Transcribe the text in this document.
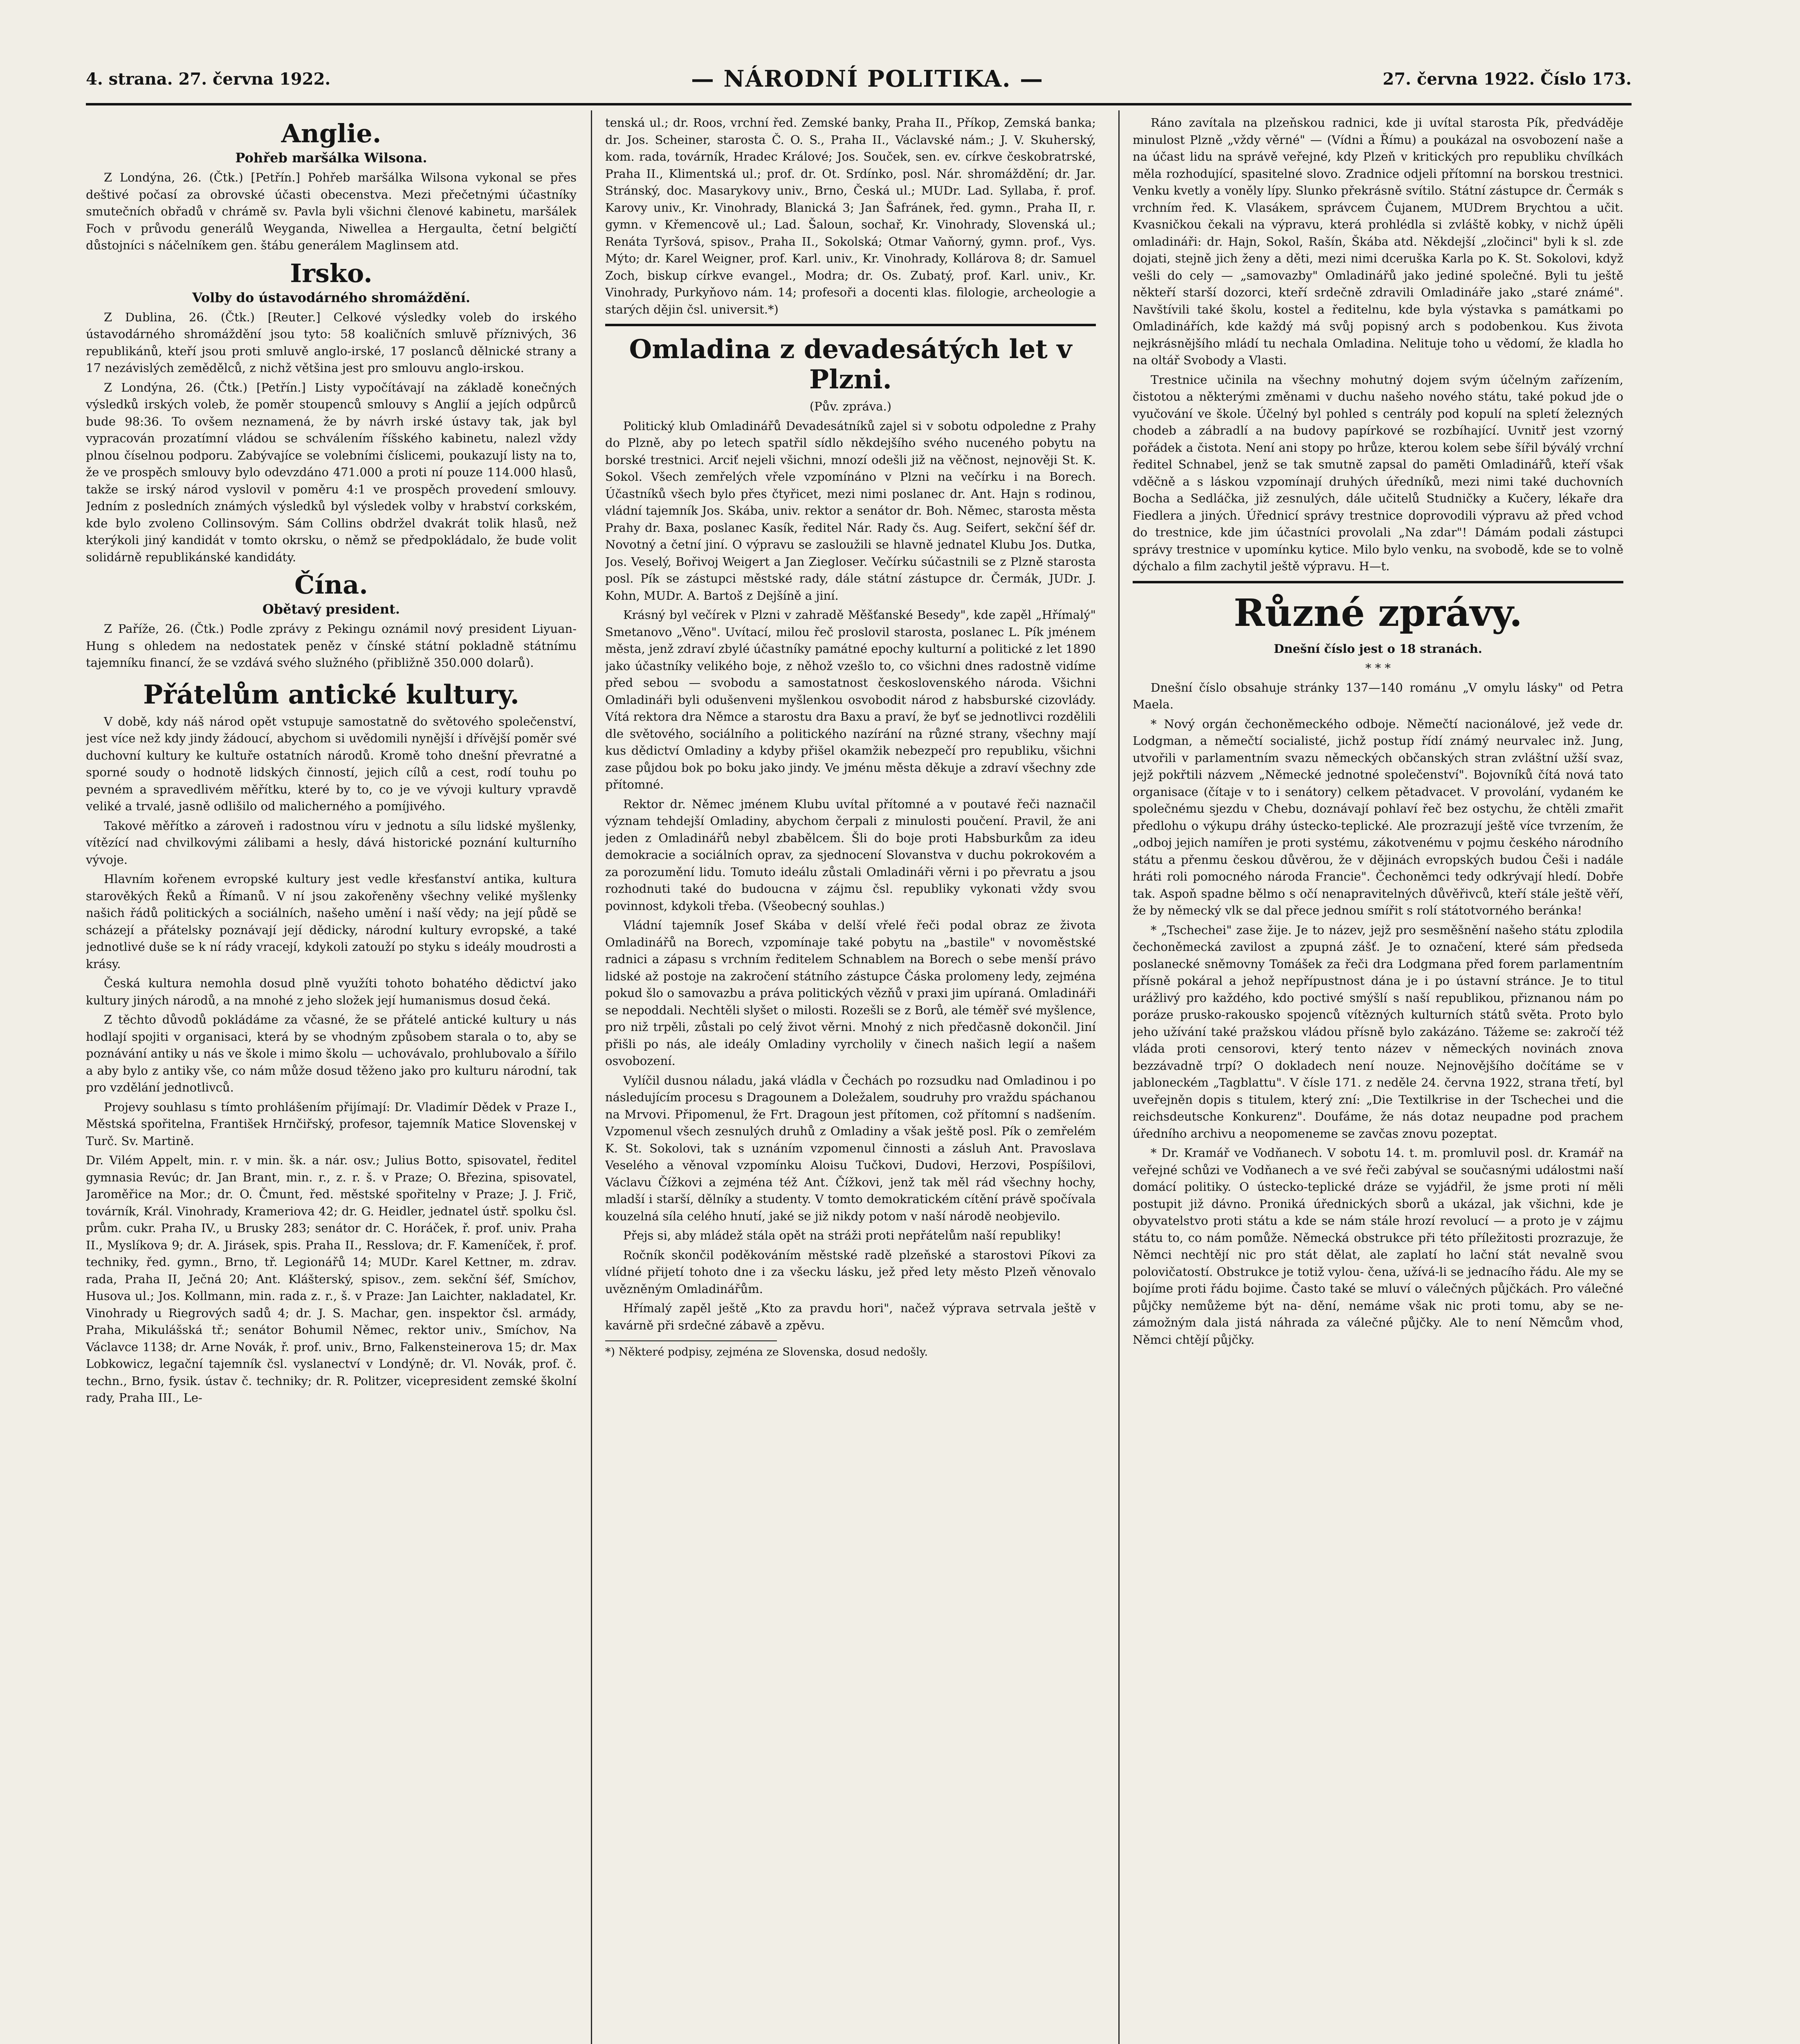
4. strana. 27. června 1922.	— NÁRODNÍ POLITIKA. —	27. června 1922. Číslo 173.
Anglie.
Pohřeb maršálka Wilsona.

Z Londýna, 26. (Čtk.) [Petřín.] Pohřeb maršálka Wilsona vykonal se přes deštivé počasí za obrovské účasti obecenstva. Mezi přečetnými účastníky smutečních obřadů v chrámě sv. Pavla byli všichni členové kabinetu, maršálek Foch v průvodu generálů Weyganda, Niwellea a Hergaulta, četní belgičtí důstojníci s náčelníkem gen. štábu generálem Maglinsem atd.

Irsko.
Volby do ústavodárného shromáždění.

Z Dublina, 26. (Čtk.) [Reuter.] Celkové výsledky voleb do irského ústavodárného shromáždění jsou tyto: 58 koaličních smluvě příznivých, 36 republikánů, kteří jsou proti smluvě anglo-irské, 17 poslanců dělnické strany a 17 nezávislých zemědělců, z nichž většina jest pro smlouvu anglo-irskou.

Z Londýna, 26. (Čtk.) [Petřín.] Listy vypočítávají na základě konečných výsledků irských voleb, že poměr stoupenců smlouvy s Anglií a jejích odpůrců bude 98:36. To ovšem neznamená, že by návrh irské ústavy tak, jak byl vypracován prozatímní vládou se schválením říšského kabinetu, nalezl vždy plnou číselnou podporu. Zabývajíce se volebními číslicemi, poukazují listy na to, že ve prospěch smlouvy bylo odevzdáno 471.000 a proti ní pouze 114.000 hlasů, takže se irský národ vyslovil v poměru 4:1 ve prospěch provedení smlouvy. Jedním z posledních známých výsledků byl výsledek volby v hrabství corkském, kde bylo zvoleno Collinsovým. Sám Collins obdržel dvakrát tolik hlasů, než kterýkoli jiný kandidát v tomto okrsku, o němž se předpokládalo, že bude volit solidárně republikánské kandidáty.

Čína.
Obětavý president.

Z Paříže, 26. (Čtk.) Podle zprávy z Pekingu oznámil nový president Liyuan-Hung s ohledem na nedostatek peněz v čínské státní pokladně státnímu tajemníku financí, že se vzdává svého služného (přibližně 350.000 dolarů).

Přátelům antické kultury.

V době, kdy náš národ opět vstupuje samostatně do světového společenství, jest více než kdy jindy žádoucí, abychom si uvědomili nynější i dřívější poměr své duchovní kultury ke kultuře ostatních národů. Kromě toho dnešní převratné a sporné soudy o hodnotě lidských činností, jejich cílů a cest, rodí touhu po pevném a spravedlivém měřítku, které by to, co je ve vývoji kultury vpravdě veliké a trvalé, jasně odlišilo od malicherného a pomíjivého.

Takové měřítko a zároveň i radostnou víru v jednotu a sílu lidské myšlenky, vítězící nad chvilkovými zálibami a hesly, dává historické poznání kulturního vývoje.

Hlavním kořenem evropské kultury jest vedle křesťanství antika, kultura starověkých Řeků a Římanů. V ní jsou zakořeněny všechny veliké myšlenky našich řádů politických a sociálních, našeho umění i naší vědy; na její půdě se scházejí a přátelsky poznávají její dědicky, národní kultury evropské, a také jednotlivé duše se k ní rády vracejí, kdykoli zatouží po styku s ideály moudrosti a krásy.

Česká kultura nemohla dosud plně využíti tohoto bohatého dědictví jako kultury jiných národů, a na mnohé z jeho složek její humanismus dosud čeká.

Z těchto důvodů pokládáme za včasné, že se přátelé antické kultury u nás hodlají spojiti v organisaci, která by se vhodným způsobem starala o to, aby se poznávání antiky u nás ve škole i mimo školu — uchovávalo, prohlubovalo a šířilo a aby bylo z antiky vše, co nám může dosud těženo jako pro kulturu národní, tak pro vzdělání jednotlivců.

Projevy souhlasu s tímto prohlášením přijímají: Dr. Vladimír Dědek v Praze I., Městská spořitelna, František Hrnčiřský, profesor, tajemník Matice Slovenskej v Turč. Sv. Martině.

Dr. Vilém Appelt, min. r. v min. šk. a nár. osv.; Julius Botto, spisovatel, ředitel gymnasia Revúc; dr. Jan Brant, min. r., z. r. š. v Praze; O. Březina, spisovatel, Jaroměřice na Mor.; dr. O. Čmunt, řed. městské spořitelny v Praze; J. J. Frič, továrník, Král. Vinohrady, Krameriova 42; dr. G. Heidler, jednatel ústř. spolku čsl. prům. cukr. Praha IV., u Brusky 283; senátor dr. C. Horáček, ř. prof. univ. Praha II., Myslíkova 9; dr. A. Jirásek, spis. Praha II., Resslova; dr. F. Kameníček, ř. prof. techniky, řed. gymn., Brno, tř. Legionářů 14; MUDr. Karel Kettner, m. zdrav. rada, Praha II, Ječná 20; Ant. Klášterský, spisov., zem. sekční šéf, Smíchov, Husova ul.; Jos. Kollmann, min. rada z. r., š. v Praze: Jan Laichter, nakladatel, Kr. Vinohrady u Riegrových sadů 4; dr. J. S. Machar, gen. inspektor čsl. armády, Praha, Mikulášská tř.; senátor Bohumil Němec, rektor univ., Smíchov, Na Václavce 1138; dr. Arne Novák, ř. prof. univ., Brno, Falkensteinerova 15; dr. Max Lobkowicz, legační tajemník čsl. vyslanectví v Londýně; dr. Vl. Novák, prof. č. techn., Brno, fysik. ústav č. techniky; dr. R. Politzer, vicepresident zemské školní rady, Praha III., Le-

tenská ul.; dr. Roos, vrchní řed. Zemské banky, Praha II., Příkop, Zemská banka; dr. Jos. Scheiner, starosta Č. O. S., Praha II., Václavské nám.; J. V. Skuherský, kom. rada, továrník, Hradec Králové; Jos. Souček, sen. ev. církve českobratrské, Praha II., Klimentská ul.; prof. dr. Ot. Srdínko, posl. Nár. shromáždění; dr. Jar. Stránský, doc. Masarykovy univ., Brno, Česká ul.; MUDr. Lad. Syllaba, ř. prof. Karovy univ., Kr. Vinohrady, Blanická 3; Jan Šafránek, řed. gymn., Praha II, r. gymn. v Křemencově ul.; Lad. Šaloun, sochař, Kr. Vinohrady, Slovenská ul.; Renáta Tyršová, spisov., Praha II., Sokolská; Otmar Vaňorný, gymn. prof., Vys. Mýto; dr. Karel Weigner, prof. Karl. univ., Kr. Vinohrady, Kollárova 8; dr. Samuel Zoch, biskup církve evangel., Modra; dr. Os. Zubatý, prof. Karl. univ., Kr. Vinohrady, Purkyňovo nám. 14; profesoři a docenti klas. filologie, archeologie a starých dějin čsl. universit.*)

Omladina z devadesátých let v Plzni.

(Pův. zpráva.)

Politický klub Omladinářů Devadesátníků zajel si v sobotu odpoledne z Prahy do Plzně, aby po letech spatřil sídlo někdejšího svého nuceného pobytu na borské trestnici. Arciť nejeli všichni, mnozí odešli již na věčnost, nejnověji St. K. Sokol. Všech zemřelých vřele vzpomínáno v Plzni na večírku i na Borech. Účastníků všech bylo přes čtyřicet, mezi nimi poslanec dr. Ant. Hajn s rodinou, vládní tajemník Jos. Skába, univ. rektor a senátor dr. Boh. Němec, starosta města Prahy dr. Baxa, poslanec Kasík, ředitel Nár. Rady čs. Aug. Seifert, sekční šéf dr. Novotný a četní jiní. O výpravu se zasloužili se hlavně jednatel Klubu Jos. Dutka, Jos. Veselý, Bořivoj Weigert a Jan Ziegloser. Večírku súčastnili se z Plzně starosta posl. Pík se zástupci městské rady, dále státní zástupce dr. Čermák, JUDr. J. Kohn, MUDr. A. Bartoš z Dejšíně a jiní.

Krásný byl večírek v Plzni v zahradě Měšťanské Besedy", kde zapěl „Hřímalý" Smetanovo „Věno". Uvítací, milou řeč proslovil starosta, poslanec L. Pík jménem města, jenž zdraví zbylé účastníky památné epochy kulturní a politické z let 1890 jako účastníky velikého boje, z něhož vzešlo to, co všichni dnes radostně vidíme před sebou — svobodu a samostatnost československého národa. Všichni Omladináři byli odušenveni myšlenkou osvobodit národ z habsburské cizovlády. Vítá rektora dra Němce a starostu dra Baxu a praví, že byť se jednotlivci rozdělili dle světového, sociálního a politického nazírání na různé strany, všechny mají kus dědictví Omladiny a kdyby přišel okamžik nebezpečí pro republiku, všichni zase půjdou bok po boku jako jindy. Ve jménu města děkuje a zdraví všechny zde přítomné.

Rektor dr. Němec jménem Klubu uvítal přítomné a v poutavé řeči naznačil význam tehdejší Omladiny, abychom čerpali z minulosti poučení. Pravil, že ani jeden z Omladinářů nebyl zbabělcem. Šli do boje proti Habsburkům za ideu demokracie a sociálních oprav, za sjednocení Slovanstva v duchu pokrokovém a za porozumění lidu. Tomuto ideálu zůstali Omladináři věrni i po převratu a jsou rozhodnuti také do budoucna v zájmu čsl. republiky vykonati vždy svou povinnost, kdykoli třeba. (Všeobecný souhlas.)

Vládní tajemník Josef Skába v delší vřelé řeči podal obraz ze života Omladinářů na Borech, vzpomínaje také pobytu na „bastile" v novoměstské radnici a zápasu s vrchním ředitelem Schnablem na Borech o sebe menší právo lidské až postoje na zakročení státního zástupce Čáska prolomeny ledy, zejména pokud šlo o samovazbu a práva politických vězňů v praxi jim upíraná. Omladináři se nepoddali. Nechtěli slyšet o milosti. Rozešli se z Borů, ale téměř své myšlence, pro niž trpěli, zůstali po celý život věrni. Mnohý z nich předčasně dokončil. Jiní přišli po nás, ale ideály Omladiny vyrcholily v činech našich legií a našem osvobození.

Vylíčil dusnou náladu, jaká vládla v Čechách po rozsudku nad Omladinou i po následujícím procesu s Dragounem a Doležalem, soudruhy pro vraždu spáchanou na Mrvovi. Připomenul, že Frt. Dragoun jest přítomen, což přítomní s nadšením. Vzpomenul všech zesnulých druhů z Omladiny a však ještě posl. Pík o zemřelém K. St. Sokolovi, tak s uznáním vzpomenul činnosti a zásluh Ant. Pravoslava Veselého a věnoval vzpomínku Aloisu Tučkovi, Dudovi, Herzovi, Pospíšilovi, Václavu Čížkovi a zejména též Ant. Čížkovi, jenž tak měl rád všechny hochy, mladší i starší, dělníky a studenty. V tomto demokratickém cítění právě spočívala kouzelná síla celého hnutí, jaké se již nikdy potom v naší národě neobjevilo.

Přejs si, aby mládež stála opět na stráži proti nepřátelům naší republiky!

Ročník skončil poděkováním městské radě plzeňské a starostovi Píkovi za vlídné přijetí tohoto dne i za všecku lásku, jež před lety město Plzeň věnovalo uvězněným Omladinářům.

Hřímalý zapěl ještě „Kto za pravdu hori", načež výprava setrvala ještě v kavárně při srdečné zábavě a zpěvu.

*) Některé podpisy, zejména ze Slovenska, dosud nedošly.

Ráno zavítala na plzeňskou radnici, kde ji uvítal starosta Pík, předváděje minulost Plzně „vždy věrné" — (Vídni a Římu) a poukázal na osvobození naše a na účast lidu na správě veřejné, kdy Plzeň v kritických pro republiku chvílkách měla rozhodující, spasitelné slovo. Zradnice odjeli přítomní na borskou trestnici. Venku kvetly a voněly lípy. Slunko překrásně svítilo. Státní zástupce dr. Čermák s vrchním řed. K. Vlasákem, správcem Čujanem, MUDrem Brychtou a učit. Kvasničkou čekali na výpravu, která prohlédla si zvláště kobky, v nichž úpěli omladináři: dr. Hajn, Sokol, Rašín, Škába atd. Někdejší „zločinci" byli k sl. zde dojati, stejně jich ženy a děti, mezi nimi dceruška Karla po K. St. Sokolovi, když vešli do cely — „samovazby" Omladinářů jako jediné společné. Byli tu ještě někteří starší dozorci, kteří srdečně zdravili Omladináře jako „staré známé". Navštívili také školu, kostel a ředitelnu, kde byla výstavka s památkami po Omladinářích, kde každý má svůj popisný arch s podobenkou. Kus života nejkrásnějšího mládí tu nechala Omladina. Nelituje toho u vědomí, že kladla ho na oltář Svobody a Vlasti.

Trestnice učinila na všechny mohutný dojem svým účelným zařízením, čistotou a některými změnami v duchu našeho nového státu, také pokud jde o vyučování ve škole. Účelný byl pohled s centrály pod kopulí na spletí železných chodeb a zábradlí a na budovy papírkové se rozbíhající. Uvnitř jest vzorný pořádek a čistota. Není ani stopy po hrůze, kterou kolem sebe šířil býválý vrchní ředitel Schnabel, jenž se tak smutně zapsal do paměti Omladinářů, kteří však vděčně a s láskou vzpomínají druhých úředníků, mezi nimi také duchovních Bocha a Sedláčka, již zesnulých, dále učitelů Studničky a Kučery, lékaře dra Fiedlera a jiných. Úřednicí správy trestnice doprovodili výpravu až před vchod do trestnice, kde jim účastníci provolali „Na zdar"! Dámám podali zástupci správy trestnice v upomínku kytice. Milo bylo venku, na svobodě, kde se to volně dýchalo a film zachytil ještě výpravu. H—t.

Různé zprávy.

Dnešní číslo jest o 18 stranách.

* * *

Dnešní číslo obsahuje stránky 137—140 románu „V omylu lásky" od Petra Maela.

* Nový orgán čechoněmeckého odboje. Němečtí nacionálové, jež vede dr. Lodgman, a němečtí socialisté, jichž postup řídí známý neurvalec inž. Jung, utvořili v parlamentním svazu německých občanských stran zvláštní užší svaz, jejž pokřtili názvem „Německé jednotné společenství". Bojovníků čítá nová tato organisace (čítaje v to i senátory) celkem pětadvacet. V provolání, vydaném ke společnému sjezdu v Chebu, doznávají pohlaví řeč bez ostychu, že chtěli zmařit předlohu o výkupu dráhy ústecko-teplické. Ale prozrazují ještě více tvrzením, že „odboj jejich namířen je proti systému, zákotvenému v pojmu českého národního státu a přenmu českou důvěrou, že v dějinách evropských budou Češi i nadále hráti roli pomocného národa Francie". Čechoněmci tedy odkrývají hledí. Dobře tak. Aspoň spadne bělmo s očí nenapravitelných důvěřivců, kteří stále ještě věří, že by německý vlk se dal přece jednou smířit s rolí státotvorného beránka!

* „Tschechei" zase žije. Je to název, jejž pro sesměšnění našeho státu zplodila čechoněmecká zavilost a zpupná zášť. Je to označení, které sám předseda poslanecké sněmovny Tomášek za řeči dra Lodgmana před forem parlamentním přísně pokáral a jehož nepřípustnost dána je i po ústavní stránce. Je to titul urážlivý pro každého, kdo poctivé smýšlí s naší republikou, přiznanou nám po poráze prusko-rakousko spojenců vítězných kulturních států světa. Proto bylo jeho užívání také pražskou vládou přísně bylo zakázáno. Tážeme se: zakročí též vláda proti censorovi, který tento název v německých novinách znova bezzávadně trpí? O dokladech není nouze. Nejnovějšího dočítáme se v jabloneckém „Tagblattu". V čísle 171. z neděle 24. června 1922, strana třetí, byl uveřejněn dopis s titulem, který zní: „Die Textilkrise in der Tschechei und die reichsdeutsche Konkurenz". Doufáme, že nás dotaz neupadne pod prachem úředního archivu a neopomeneme se zavčas znovu pozeptat.

* Dr. Kramář ve Vodňanech. V sobotu 14. t. m. promluvil posl. dr. Kramář na veřejné schůzi ve Vodňanech a ve své řeči zabýval se současnými událostmi naší domácí politiky. O ústecko-teplické dráze se vyjádřil, že jsme proti ní měli postupit již dávno. Proniká úřednických sborů a ukázal, jak všichni, kde je obyvatelstvo proti státu a kde se nám stále hrozí revolucí — a proto je v zájmu státu to, co nám pomůže. Německá obstrukce při této příležitosti prozrazuje, že Němci nechtějí nic pro stát dělat, ale zaplatí ho lační stát nevalně svou polovičatostí. Obstrukce je totiž vylou- čena, užívá-li se jednacího řádu. Ale my se bojíme proti řádu bojime. Často také se mluví o válečných půjčkách. Pro válečné půjčky nemůžeme být na- dění, nemáme však nic proti tomu, aby se ne- zámožným dala jistá náhrada za válečné půjčky. Ale to není Němcům vhod, Němci chtějí půjčky.
